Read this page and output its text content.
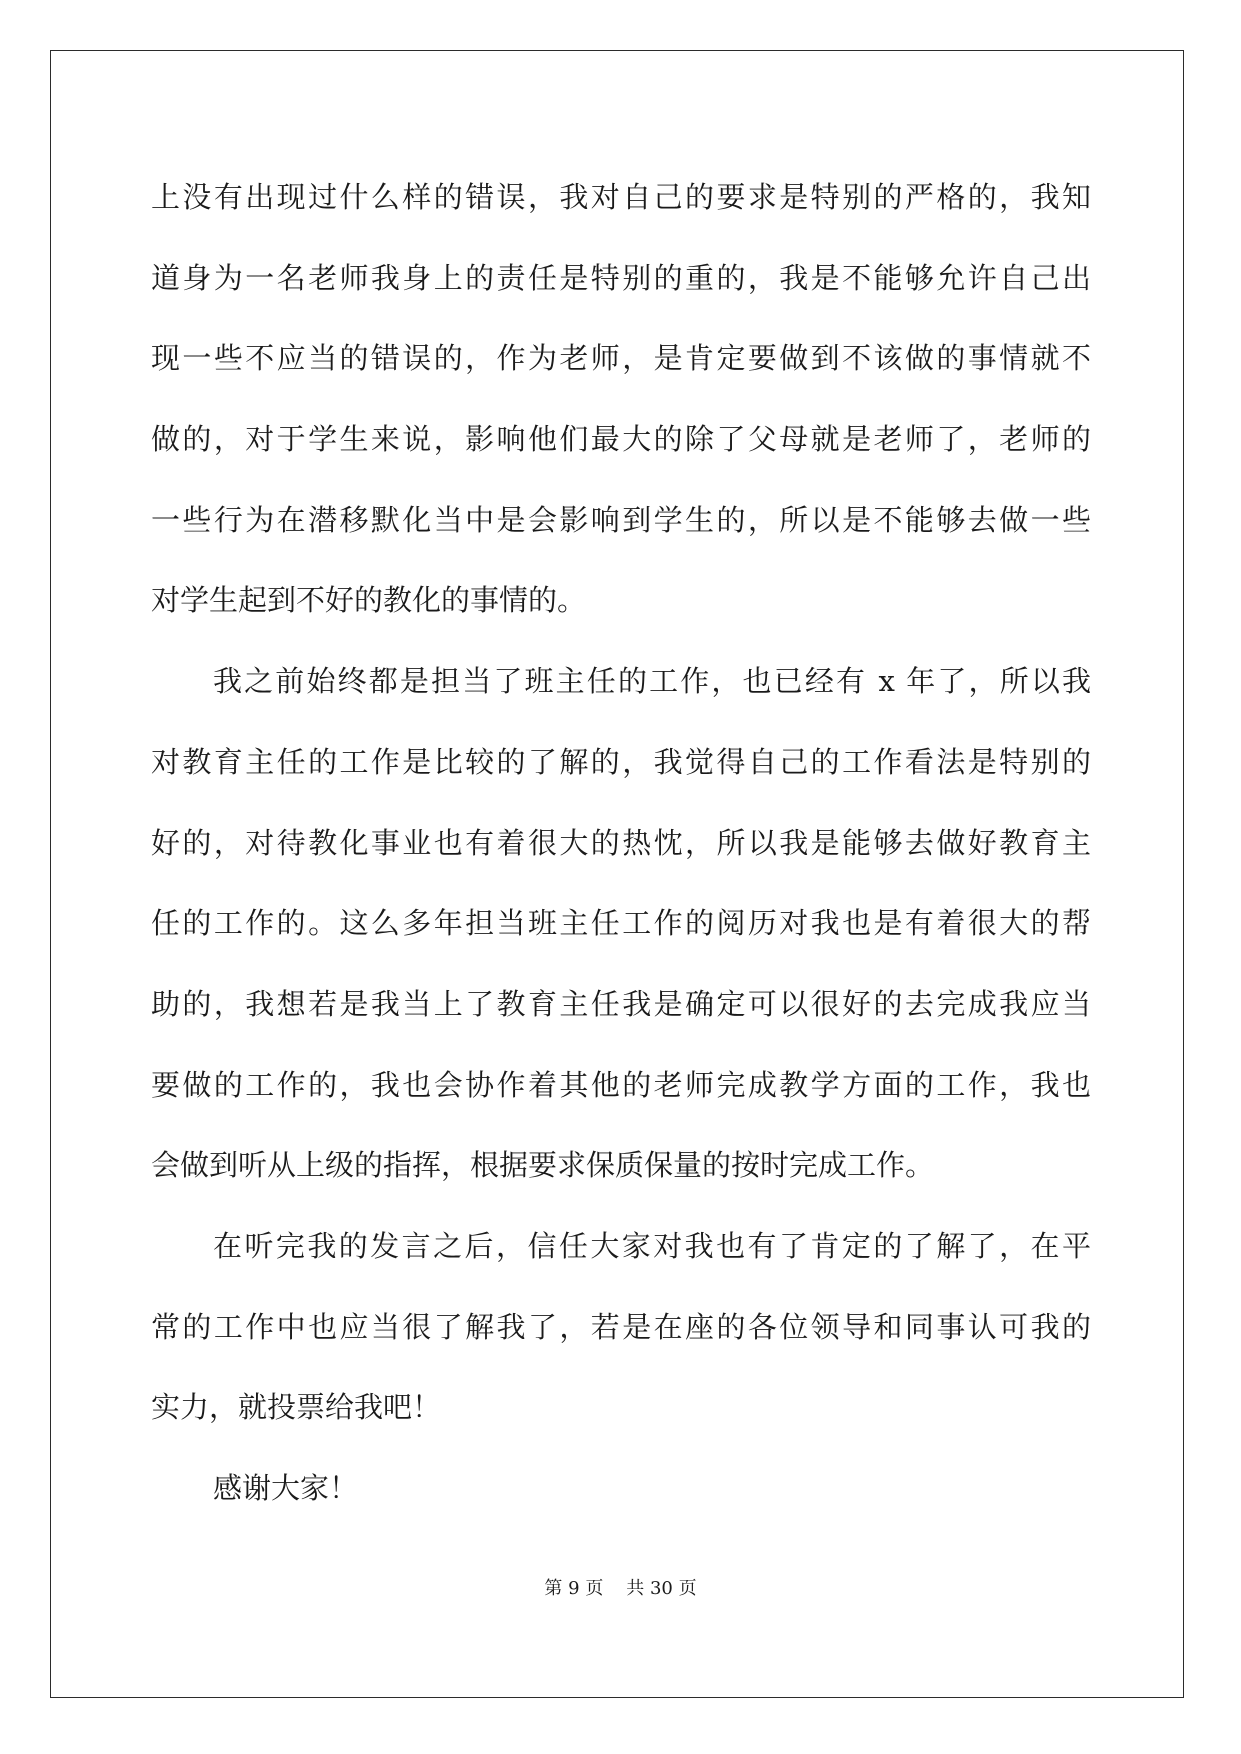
上没有出现过什么样的错误，我对自己的要求是特别的严格的，我知
道身为一名老师我身上的责任是特别的重的，我是不能够允许自己出
现一些不应当的错误的，作为老师，是肯定要做到不该做的事情就不
做的，对于学生来说，影响他们最大的除了父母就是老师了，老师的
一些行为在潜移默化当中是会影响到学生的，所以是不能够去做一些
对学生起到不好的教化的事情的。
我之前始终都是担当了班主任的工作，也已经有 x 年了，所以我
对教育主任的工作是比较的了解的，我觉得自己的工作看法是特别的
好的，对待教化事业也有着很大的热忱，所以我是能够去做好教育主
任的工作的。这么多年担当班主任工作的阅历对我也是有着很大的帮
助的，我想若是我当上了教育主任我是确定可以很好的去完成我应当
要做的工作的，我也会协作着其他的老师完成教学方面的工作，我也
会做到听从上级的指挥，根据要求保质保量的按时完成工作。
在听完我的发言之后，信任大家对我也有了肯定的了解了，在平
常的工作中也应当很了解我了，若是在座的各位领导和同事认可我的
实力，就投票给我吧！
感谢大家！
第 9 页 共 30 页
